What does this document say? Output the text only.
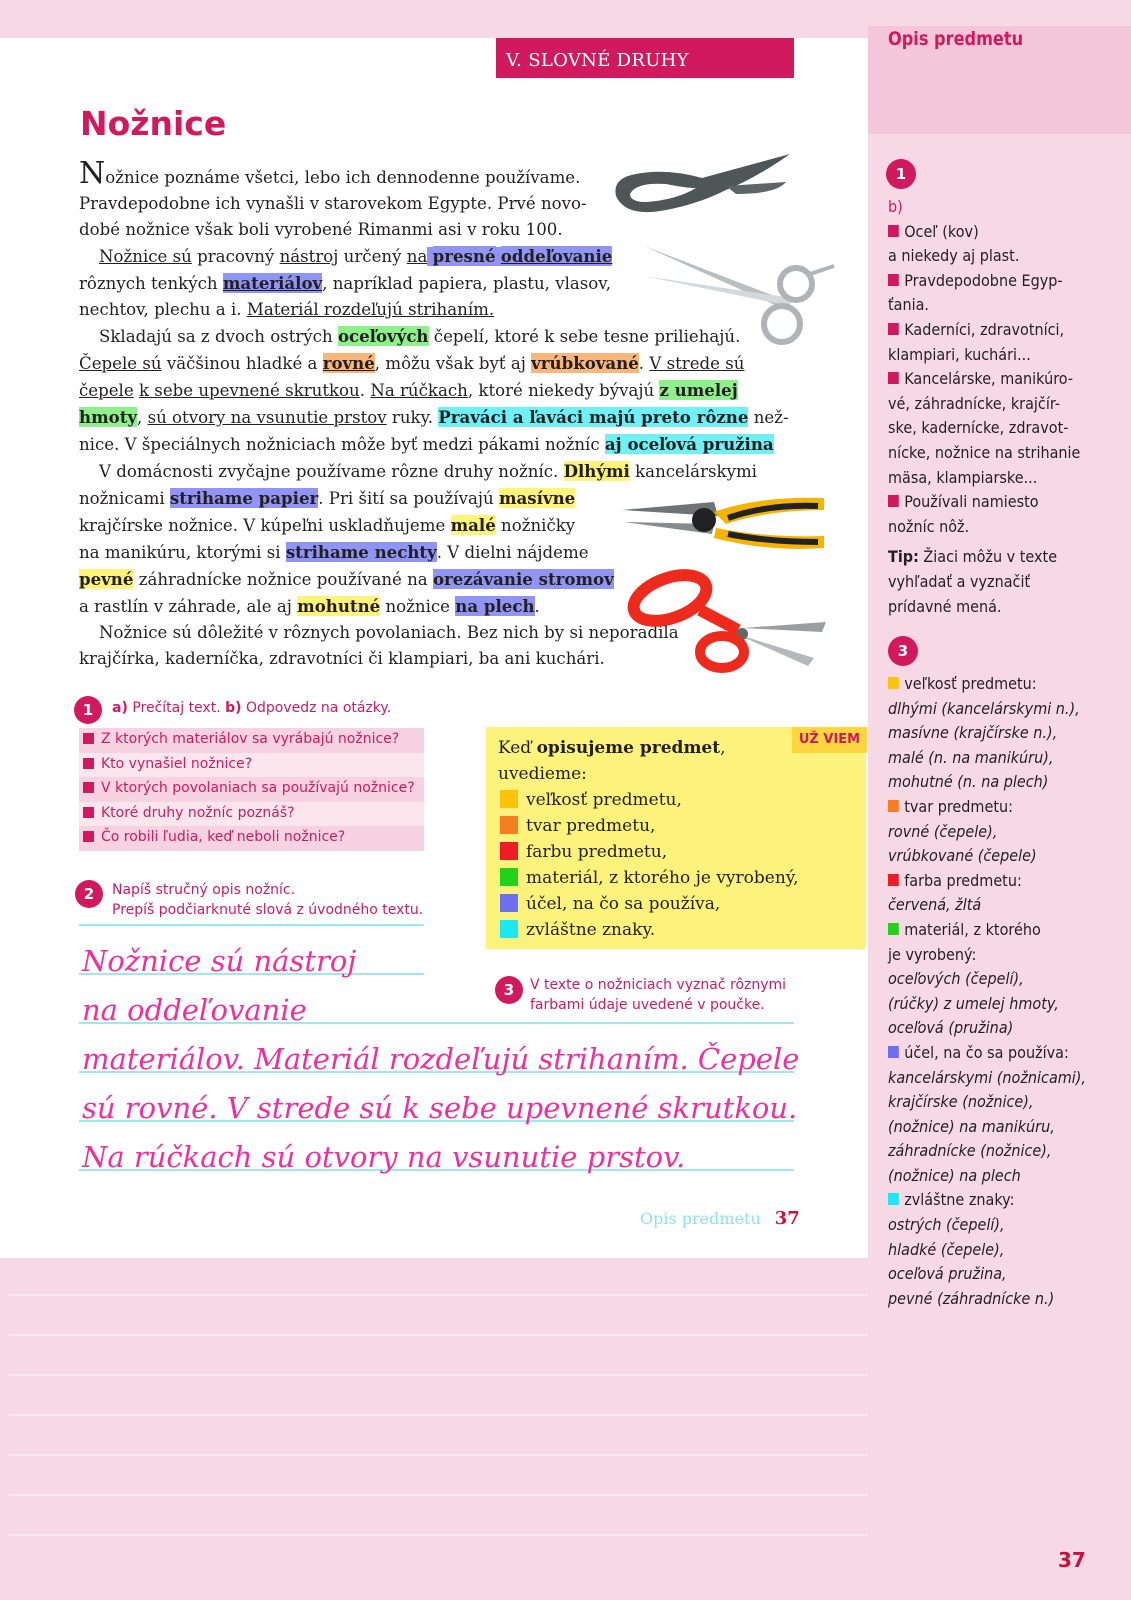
Opis predmetu
V. SLOVNÉ DRUHY
Nožnice

Nožnice poznáme všetci, lebo ich dennodenne používame.

Pravdepodobne ich vynašli v starovekom Egypte. Prvé novo-

dobé nožnice však boli vyrobené Rimanmi asi v roku 100.

Nožnice sú pracovný nástroj určený na presné oddeľovanie

rôznych tenkých materiálov, napríklad papiera, plastu, vlasov,

nechtov, plechu a i. Materiál rozdeľujú strihaním.

Skladajú sa z dvoch ostrých oceľových čepelí, ktoré k sebe tesne priliehajú.

Čepele sú väčšinou hladké a rovné, môžu však byť aj vrúbkované. V strede sú

čepele k sebe upevnené skrutkou. Na rúčkach, ktoré niekedy bývajú z umelej

hmoty, sú otvory na vsunutie prstov ruky. Praváci a ľaváci majú preto rôzne než-

nice. V špeciálnych nožniciach môže byť medzi pákami nožníc aj oceľová pružina

V domácnosti zvyčajne používame rôzne druhy nožníc. Dlhými kancelárskymi

nožnicami strihame papier. Pri šití sa používajú masívne

krajčírske nožnice. V kúpeľni uskladňujeme malé nožničky

na manikúru, ktorými si strihame nechty. V dielni nájdeme

pevné záhradnícke nožnice používané na orezávanie stromov

a rastlín v záhrade, ale aj mohutné nožnice na plech.

Nožnice sú dôležité v rôznych povolaniach. Bez nich by si neporadila

krajčírka, kaderníčka, zdravotníci či klampiari, ba ani kuchári.

1	a) Prečítaj text. b) Odpovedz na otázky.
Z ktorých materiálov sa vyrábajú nožnice?
Kto vynašiel nožnice?
V ktorých povolaniach sa používajú nožnice?
Ktoré druhy nožníc poznáš?
Čo robili ľudia, keď neboli nožnice?
2	Napíš stručný opis nožníc.
Prepíš podčiarknuté slová z úvodného textu.
Nožnice sú nástroj
na oddeľovanie
materiálov. Materiál rozdeľujú strihaním. Čepele
sú rovné. V strede sú k sebe upevnené skrutkou.
Na rúčkach sú otvory na vsunutie prstov.
UŽ VIEM
Keď opisujeme predmet,
uvedieme:
veľkosť predmetu,
tvar predmetu,
farbu predmetu,
materiál, z ktorého je vyrobený,
účel, na čo sa používa,
zvláštne znaky.
3	V texte o nožniciach vyznač rôznymi
farbami údaje uvedené v poučke.
Opis predmetu 37
1
b)
Oceľ (kov)
a niekedy aj plast.
Pravdepodobne Egyp-
ťania.
Kaderníci, zdravotníci,
klampiari, kuchári...
Kancelárske, manikúro-
vé, záhradnícke, krajčír-
ske, kadernícke, zdravot-
nícke, nožnice na strihanie
mäsa, klampiarske...
Používali namiesto
nožníc nôž.
Tip: Žiaci môžu v texte
vyhľadať a vyznačiť
prídavné mená.
3
veľkosť predmetu:
dlhými (kancelárskymi n.),
masívne (krajčírske n.),
malé (n. na manikúru),
mohutné (n. na plech)
tvar predmetu:
rovné (čepele),
vrúbkované (čepele)
farba predmetu:
červená, žltá
materiál, z ktorého
je vyrobený:
oceľových (čepelí),
(rúčky) z umelej hmoty,
oceľová (pružina)
účel, na čo sa používa:
kancelárskymi (nožnicami),
krajčírske (nožnice),
(nožnice) na manikúru,
záhradnícke (nožnice),
(nožnice) na plech
zvláštne znaky:
ostrých (čepelí),
hladké (čepele),
oceľová pružina,
pevné (záhradnícke n.)
37
